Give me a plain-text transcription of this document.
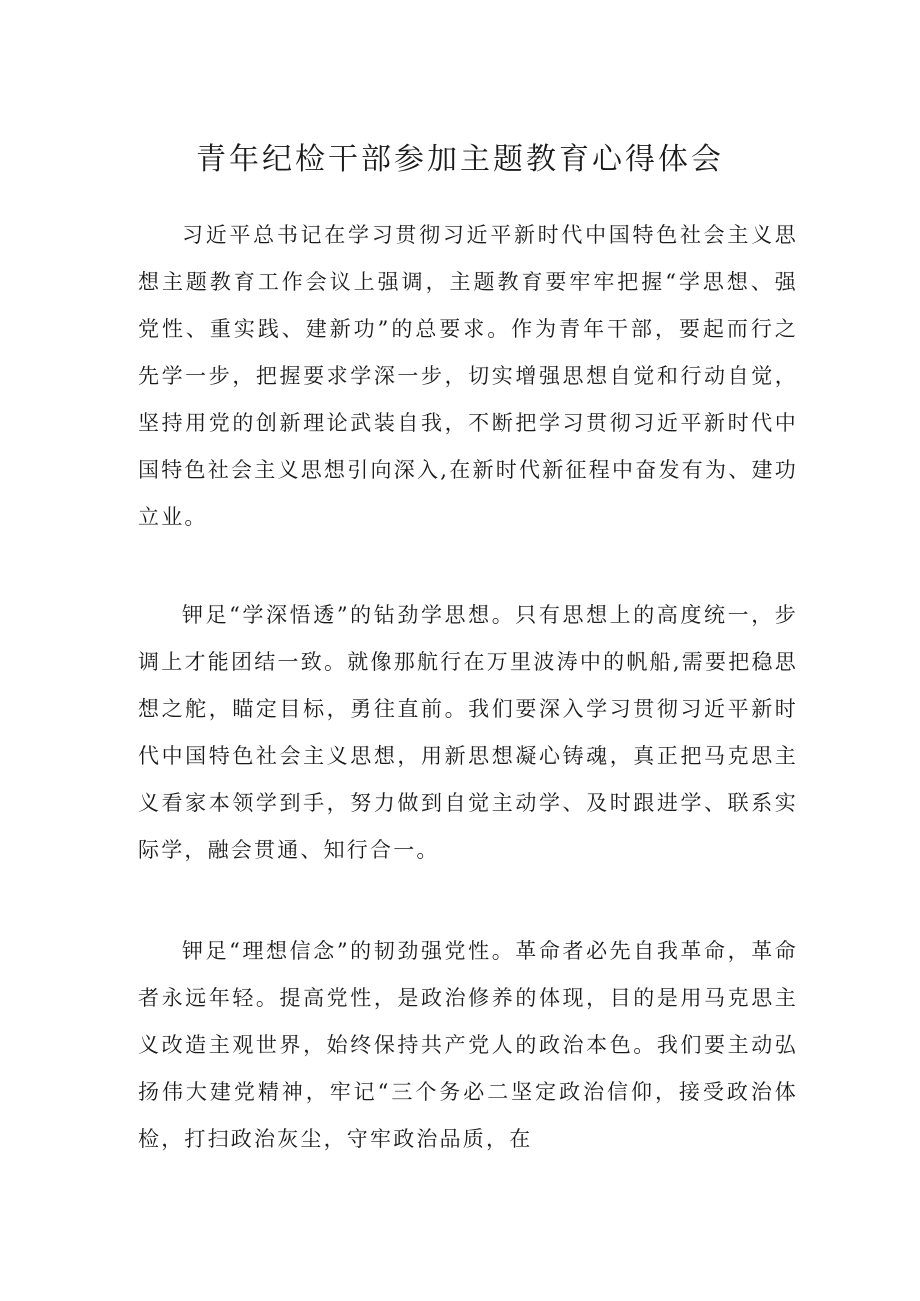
青年纪检干部参加主题教育心得体会

习近平总书记在学习贯彻习近平新时代中国特色社会主义思想主题教育工作会议上强调，主题教育要牢牢把握“学思想、强党性、重实践、建新功”的总要求。作为青年干部，要起而行之先学一步，把握要求学深一步，切实增强思想自觉和行动自觉，坚持用党的创新理论武装自我，不断把学习贯彻习近平新时代中国特色社会主义思想引向深入,在新时代新征程中奋发有为、建功立业。

钾足“学深悟透”的钻劲学思想。只有思想上的高度统一，步调上才能团结一致。就像那航行在万里波涛中的帆船,需要把稳思想之舵，瞄定目标，勇往直前。我们要深入学习贯彻习近平新时代中国特色社会主义思想，用新思想凝心铸魂，真正把马克思主义看家本领学到手，努力做到自觉主动学、及时跟进学、联系实际学，融会贯通、知行合一。

钾足“理想信念”的韧劲强党性。革命者必先自我革命，革命者永远年轻。提高党性，是政治修养的体现，目的是用马克思主义改造主观世界，始终保持共产党人的政治本色。我们要主动弘扬伟大建党精神，牢记“三个务必二坚定政治信仰，接受政治体检，打扫政治灰尘，守牢政治品质，在
